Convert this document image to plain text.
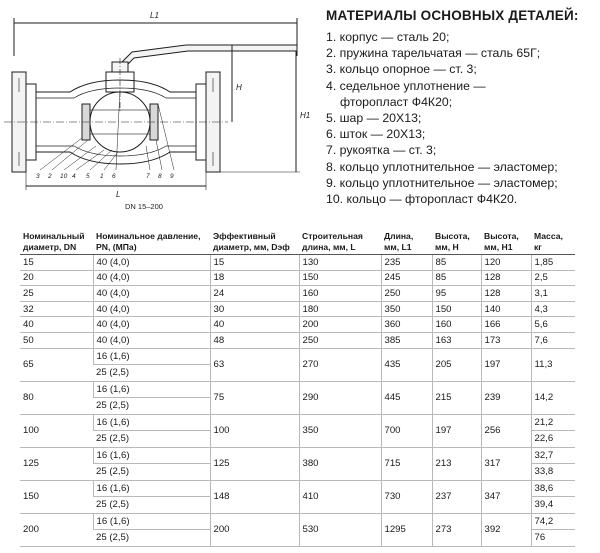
L1
H
H1
L
3 2 10 4 5 1 6	7 8 9
DN 15–200
МАТЕРИАЛЫ ОСНОВНЫХ ДЕТАЛЕЙ:
1. корпус — сталь 20;
2. пружина тарельчатая — сталь 65Г;
3. кольцо опорное — ст. 3;
4. седельное уплотнение —
фторопласт Ф4К20;
5. шар — 20Х13;
6. шток — 20Х13;
7. рукоятка — ст. 3;
8. кольцо уплотнительное — эластомер;
9. кольцо уплотнительное — эластомер;
10. кольцо — фторопласт Ф4К20.
Номинальный диаметр, DN	Номинальное давление, PN, (МПа)	Эффективный диаметр, мм, Dэф	Строительная длина, мм, L	Длина, мм, L1	Высота, мм, H	Высота, мм, H1	Масса, кг
15	40 (4,0)	15	130	235	85	120	1,85
20	40 (4,0)	18	150	245	85	128	2,5
25	40 (4,0)	24	160	250	95	128	3,1
32	40 (4,0)	30	180	350	150	140	4,3
40	40 (4,0)	40	200	360	160	166	5,6
50	40 (4,0)	48	250	385	163	173	7,6
65	16 (1,6)	63	270	435	205	197	11,3
	25 (2,5)						
80	16 (1,6)	75	290	445	215	239	14,2
	25 (2,5)						
100	16 (1,6)	100	350	700	197	256	21,2
	25 (2,5)						22,6
125	16 (1,6)	125	380	715	213	317	32,7
	25 (2,5)						33,8
150	16 (1,6)	148	410	730	237	347	38,6
	25 (2,5)						39,4
200	16 (1,6)	200	530	1295	273	392	74,2
	25 (2,5)						76
